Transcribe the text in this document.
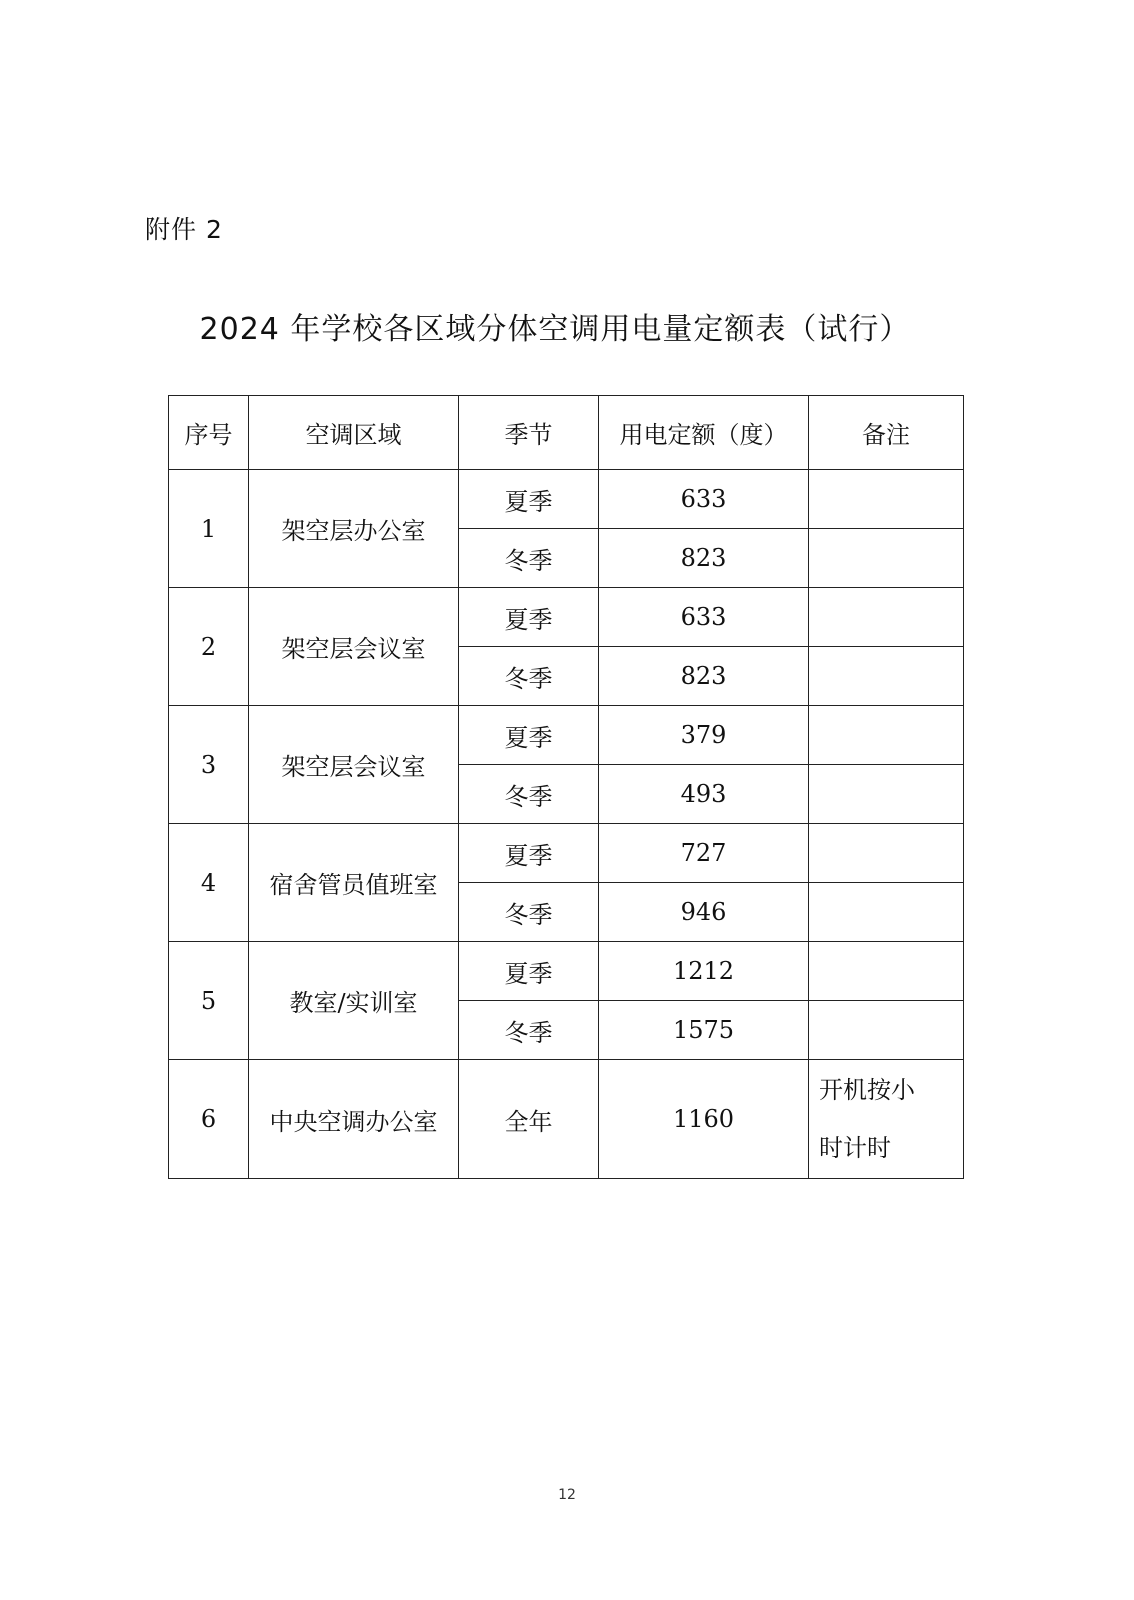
附件 2
2024 年学校各区域分体空调用电量定额表（试行）
序号	空调区域	季节	用电定额（度）	备注
1	架空层办公室	夏季	633	
		冬季	823	
2	架空层会议室	夏季	633	
		冬季	823	
3	架空层会议室	夏季	379	
		冬季	493	
4	宿舍管员值班室	夏季	727	
		冬季	946	
5	教室/实训室	夏季	1212	
		冬季	1575	
6	中央空调办公室	全年	1160	开机按小
时计时
12
